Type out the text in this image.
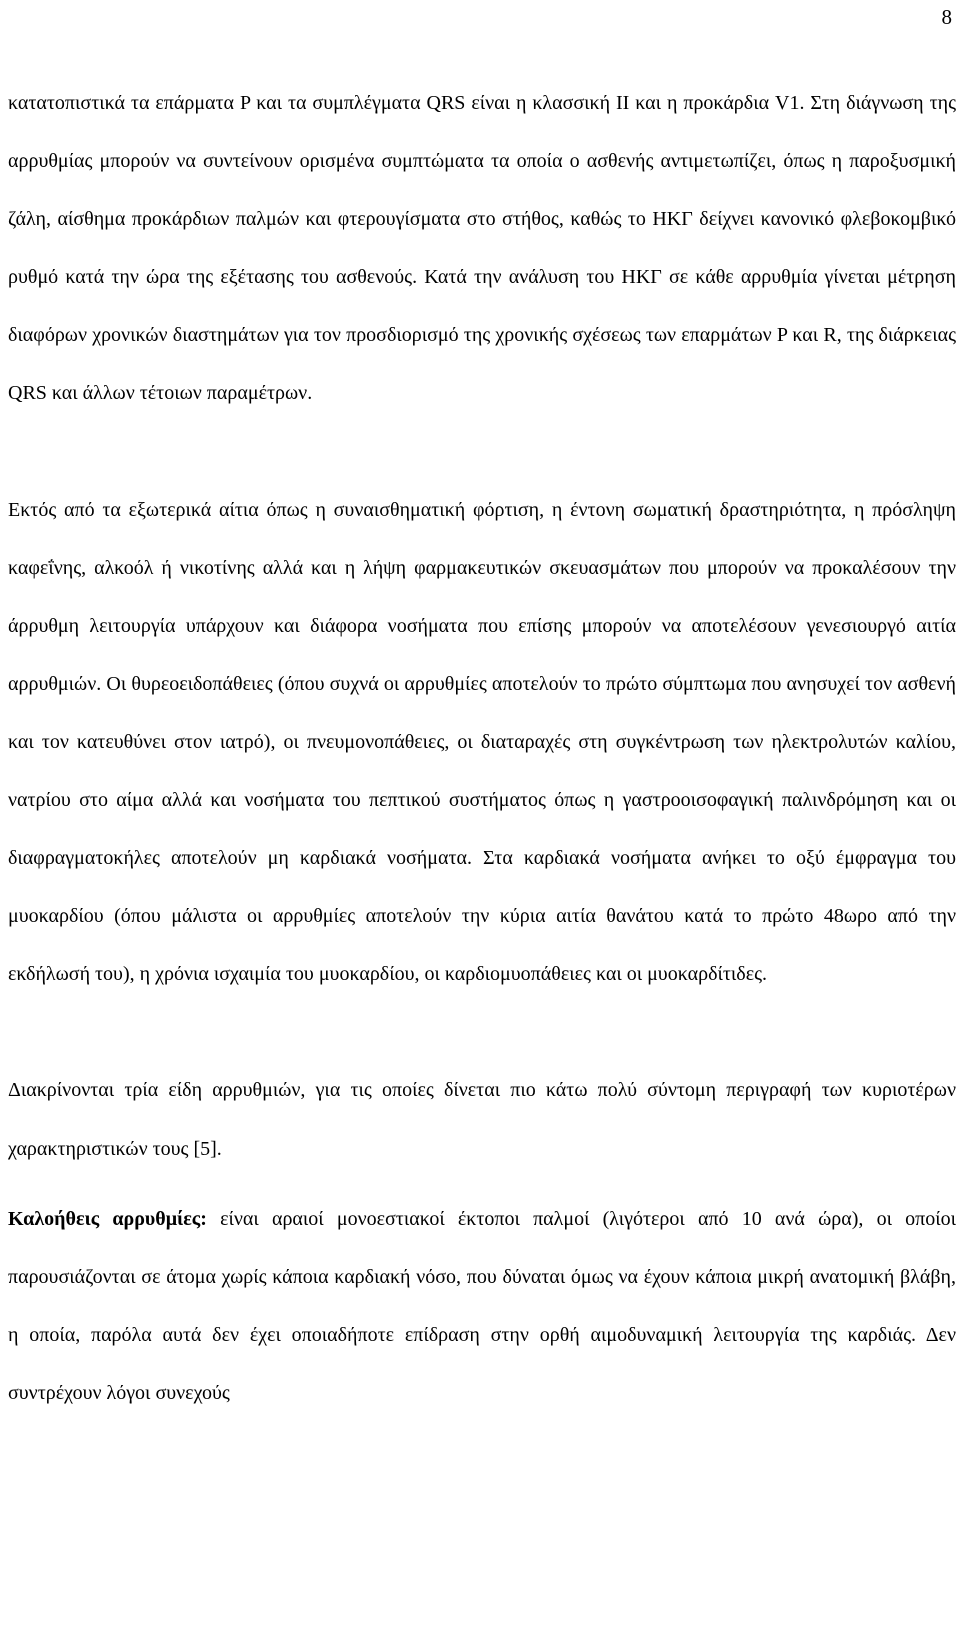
8

κατατοπιστικά τα επάρματα P και τα συμπλέγματα QRS είναι η κλασσική ΙΙ και η προκάρδια V1. Στη διάγνωση της αρρυθμίας μπορούν να συντείνουν ορισμένα συμπτώματα τα οποία ο ασθενής αντιμετωπίζει, όπως η παροξυσμική ζάλη, αίσθημα προκάρδιων παλμών και φτερουγίσματα στο στήθος, καθώς το ΗΚΓ δείχνει κανονικό φλεβοκομβικό ρυθμό κατά την ώρα της εξέτασης του ασθενούς. Κατά την ανάλυση του ΗΚΓ σε κάθε αρρυθμία γίνεται μέτρηση διαφόρων χρονικών διαστημάτων για τον προσδιορισμό της χρονικής σχέσεως των επαρμάτων P και R, της διάρκειας QRS και άλλων τέτοιων παραμέτρων.

Εκτός από τα εξωτερικά αίτια όπως η συναισθηματική φόρτιση, η έντονη σωματική δραστηριότητα, η πρόσληψη καφεΐνης, αλκοόλ ή νικοτίνης αλλά και η λήψη φαρμακευτικών σκευασμάτων που μπορούν να προκαλέσουν την άρρυθμη λειτουργία υπάρχουν και διάφορα νοσήματα που επίσης μπορούν να αποτελέσουν γενεσιουργό αιτία αρρυθμιών. Οι θυρεοειδοπάθειες (όπου συχνά οι αρρυθμίες αποτελούν το πρώτο σύμπτωμα που ανησυχεί τον ασθενή και τον κατευθύνει στον ιατρό), οι πνευμονοπάθειες, οι διαταραχές στη συγκέντρωση των ηλεκτρολυτών καλίου, νατρίου στο αίμα αλλά και νοσήματα του πεπτικού συστήματος όπως η γαστροοισοφαγική παλινδρόμηση και οι διαφραγματοκήλες αποτελούν μη καρδιακά νοσήματα. Στα καρδιακά νοσήματα ανήκει το οξύ έμφραγμα του μυοκαρδίου (όπου μάλιστα οι αρρυθμίες αποτελούν την κύρια αιτία θανάτου κατά το πρώτο 48ωρο από την εκδήλωσή του), η χρόνια ισχαιμία του μυοκαρδίου, οι καρδιομυοπάθειες και οι μυοκαρδίτιδες.

Διακρίνονται τρία είδη αρρυθμιών, για τις οποίες δίνεται πιο κάτω πολύ σύντομη περιγραφή των κυριοτέρων χαρακτηριστικών τους [5].

Καλοήθεις αρρυθμίες: είναι αραιοί μονοεστιακοί έκτοποι παλμοί (λιγότεροι από 10 ανά ώρα), οι οποίοι παρουσιάζονται σε άτομα χωρίς κάποια καρδιακή νόσο, που δύναται όμως να έχουν κάποια μικρή ανατομική βλάβη, η οποία, παρόλα αυτά δεν έχει οποιαδήποτε επίδραση στην ορθή αιμοδυναμική λειτουργία της καρδιάς. Δεν συντρέχουν λόγοι συνεχούς
